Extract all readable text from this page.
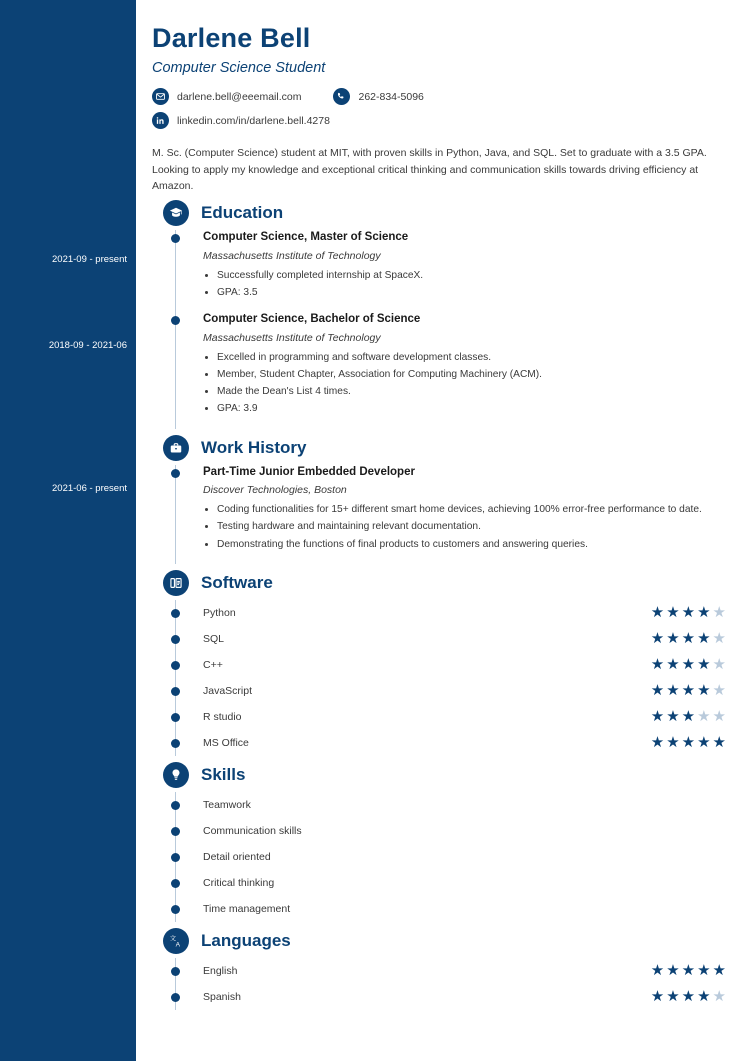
2021-09 - present
2018-09 - 2021-06
2021-06 - present
Darlene Bell
Computer Science Student
darlene.bell@eeemail.com	262-834-5096
linkedin.com/in/darlene.bell.4278

M. Sc. (Computer Science) student at MIT, with proven skills in Python, Java, and SQL. Set to graduate with a 3.5 GPA. Looking to apply my knowledge and exceptional critical thinking and communication skills towards driving efficiency at Amazon.

Education
Computer Science, Master of Science
Massachusetts Institute of Technology
• Successfully completed internship at SpaceX.
• GPA: 3.5
Computer Science, Bachelor of Science
Massachusetts Institute of Technology
• Excelled in programming and software development classes.
• Member, Student Chapter, Association for Computing Machinery (ACM).
• Made the Dean's List 4 times.
• GPA: 3.9
Work History
Part-Time Junior Embedded Developer
Discover Technologies, Boston
• Coding functionalities for 15+ different smart home devices, achieving 100% error-free performance to date.
• Testing hardware and maintaining relevant documentation.
• Demonstrating the functions of final products to customers and answering queries.
Software
Python	★★★★★
SQL	★★★★★
C++	★★★★★
JavaScript	★★★★★
R studio	★★★★★
MS Office	★★★★★
Skills
Teamwork
Communication skills
Detail oriented
Critical thinking
Time management
文
A Languages
English	★★★★★
Spanish	★★★★★
